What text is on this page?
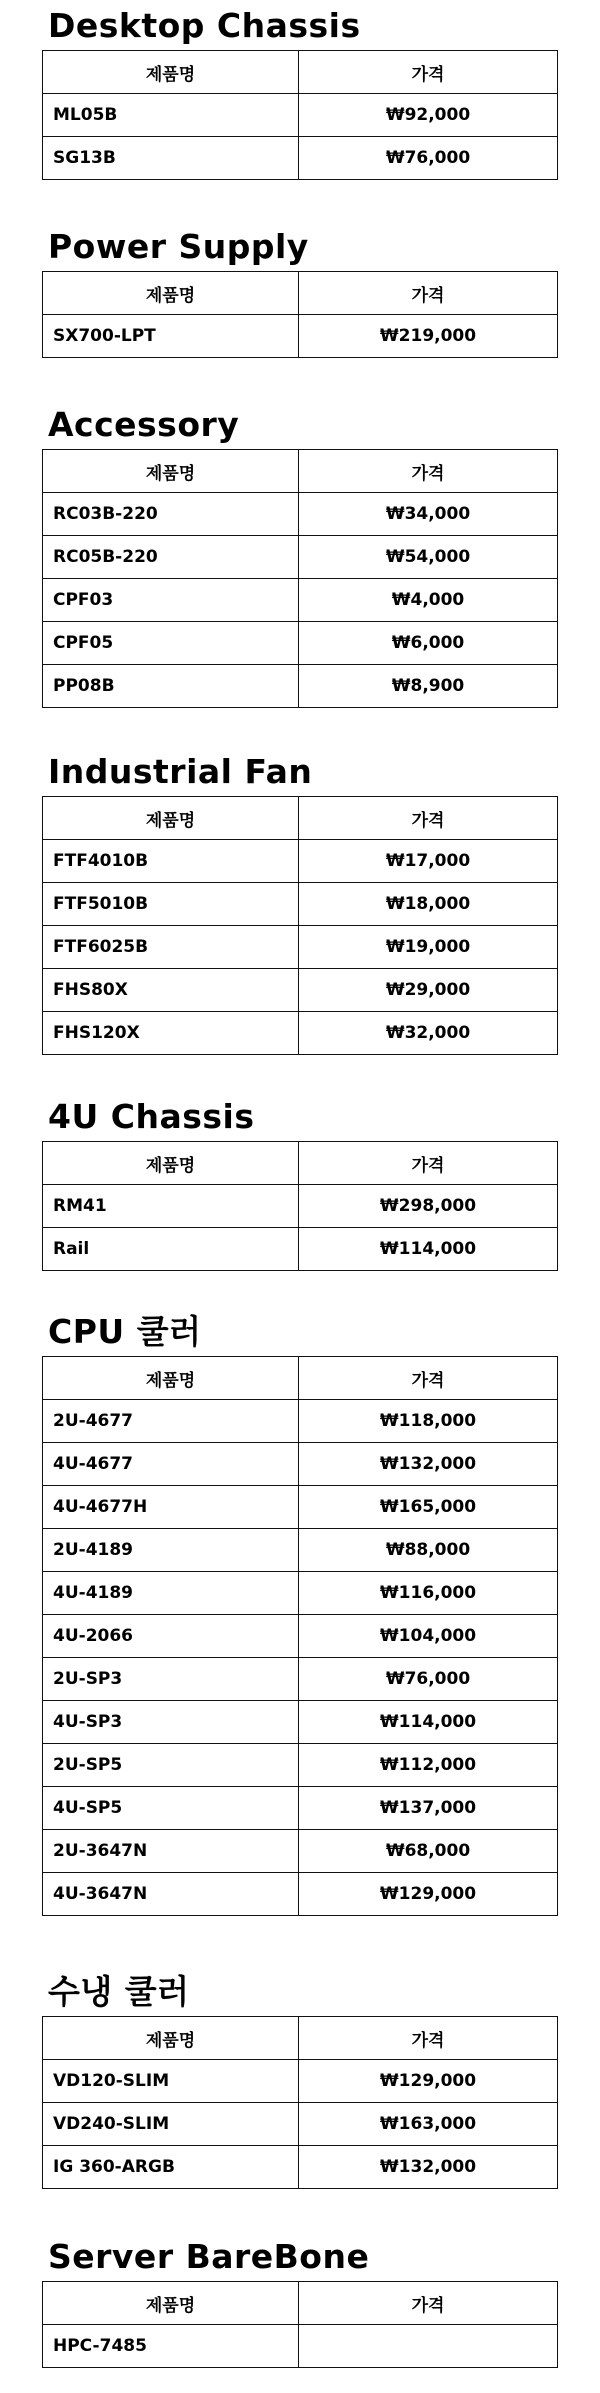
Desktop Chassis
제품명	가격
ML05B	₩92,000
SG13B	₩76,000
Power Supply
제품명	가격
SX700-LPT	₩219,000
Accessory
제품명	가격
RC03B-220	₩34,000
RC05B-220	₩54,000
CPF03	₩4,000
CPF05	₩6,000
PP08B	₩8,900
Industrial Fan
제품명	가격
FTF4010B	₩17,000
FTF5010B	₩18,000
FTF6025B	₩19,000
FHS80X	₩29,000
FHS120X	₩32,000
4U Chassis
제품명	가격
RM41	₩298,000
Rail	₩114,000
CPU 쿨러
제품명	가격
2U-4677	₩118,000
4U-4677	₩132,000
4U-4677H	₩165,000
2U-4189	₩88,000
4U-4189	₩116,000
4U-2066	₩104,000
2U-SP3	₩76,000
4U-SP3	₩114,000
2U-SP5	₩112,000
4U-SP5	₩137,000
2U-3647N	₩68,000
4U-3647N	₩129,000
수냉 쿨러
제품명	가격
VD120-SLIM	₩129,000
VD240-SLIM	₩163,000
IG 360-ARGB	₩132,000
Server BareBone
제품명	가격
HPC-7485	
